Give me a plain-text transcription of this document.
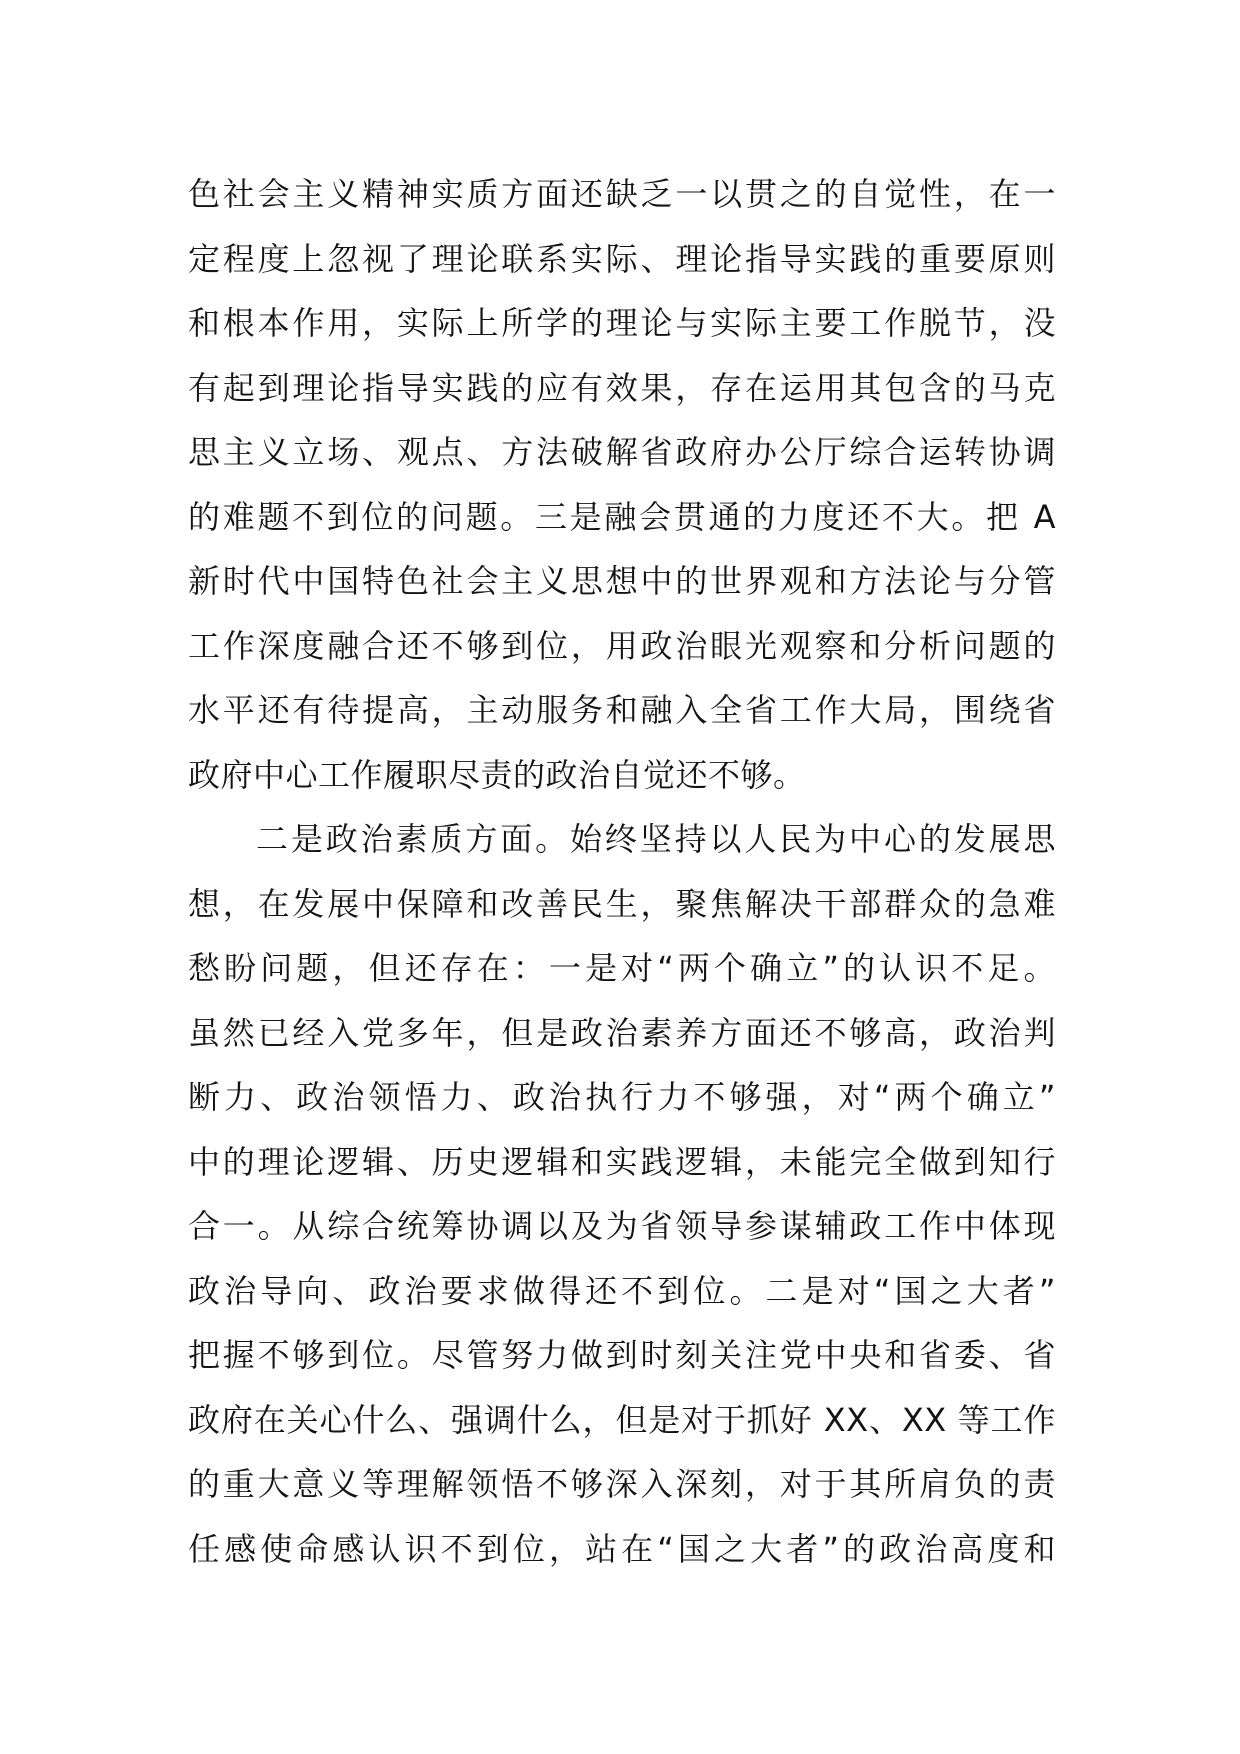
色社会主义精神实质方面还缺乏一以贯之的自觉性，在一
定程度上忽视了理论联系实际、理论指导实践的重要原则
和根本作用，实际上所学的理论与实际主要工作脱节，没
有起到理论指导实践的应有效果，存在运用其包含的马克
思主义立场、观点、方法破解省政府办公厅综合运转协调
的难题不到位的问题。三是融会贯通的力度还不大。把 A
新时代中国特色社会主义思想中的世界观和方法论与分管
工作深度融合还不够到位，用政治眼光观察和分析问题的
水平还有待提高，主动服务和融入全省工作大局，围绕省
政府中心工作履职尽责的政治自觉还不够。
二是政治素质方面。始终坚持以人民为中心的发展思
想，在发展中保障和改善民生，聚焦解决干部群众的急难
愁盼问题，但还存在：一是对“两个确立”的认识不足。
虽然已经入党多年，但是政治素养方面还不够高，政治判
断力、政治领悟力、政治执行力不够强，对“两个确立”
中的理论逻辑、历史逻辑和实践逻辑，未能完全做到知行
合一。从综合统筹协调以及为省领导参谋辅政工作中体现
政治导向、政治要求做得还不到位。二是对“国之大者”
把握不够到位。尽管努力做到时刻关注党中央和省委、省
政府在关心什么、强调什么，但是对于抓好 XX、XX 等工作
的重大意义等理解领悟不够深入深刻，对于其所肩负的责
任感使命感认识不到位，站在“国之大者”的政治高度和
